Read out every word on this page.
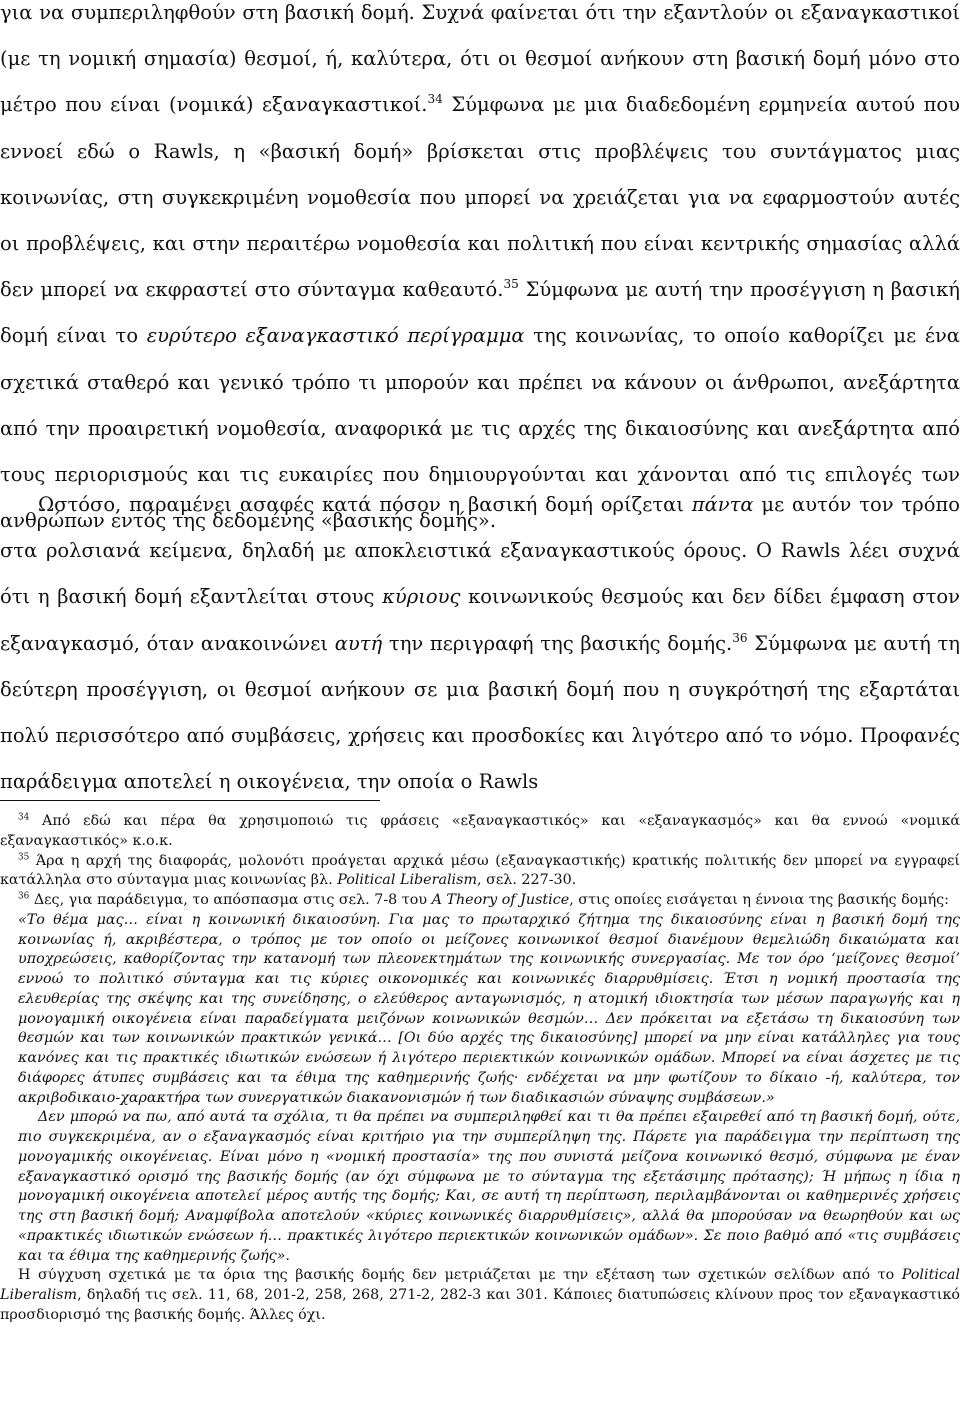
για να συμπεριληφθούν στη βασική δομή. Συχνά φαίνεται ότι την εξαντλούν οι εξαναγκαστικοί (με τη νομική σημασία) θεσμοί, ή, καλύτερα, ότι οι θεσμοί ανήκουν στη βασική δομή μόνο στο μέτρο που είναι (νομικά) εξαναγκαστικοί.$^{34}$ Σύμφωνα με μια διαδεδομένη ερμηνεία αυτού που εννοεί εδώ ο Rawls, η «βασική δομή» βρίσκεται στις προβλέψεις του συντάγματος μιας κοινωνίας, στη συγκεκριμένη νομοθεσία που μπορεί να χρειάζεται για να εφαρμοστούν αυτές οι προβλέψεις, και στην περαιτέρω νομοθεσία και πολιτική που είναι κεντρικής σημασίας αλλά δεν μπορεί να εκφραστεί στο σύνταγμα καθεαυτό.$^{35}$ Σύμφωνα με αυτή την προσέγγιση η βασική δομή είναι το ευρύτερο εξαναγκαστικό περίγραμμα της κοινωνίας, το οποίο καθορίζει με ένα σχετικά σταθερό και γενικό τρόπο τι μπορούν και πρέπει να κάνουν οι άνθρωποι, ανεξάρτητα από την προαιρετική νομοθεσία, αναφορικά με τις αρχές της δικαιοσύνης και ανεξάρτητα από τους περιορισμούς και τις ευκαιρίες που δημιουργούνται και χάνονται από τις επιλογές των ανθρώπων εντός της δεδομένης «βασικής δομής».

Ωστόσο, παραμένει ασαφές κατά πόσον η βασική δομή ορίζεται πάντα με αυτόν τον τρόπο στα ρολσιανά κείμενα, δηλαδή με αποκλειστικά εξαναγκαστικούς όρους. Ο Rawls λέει συχνά ότι η βασική δομή εξαντλείται στους κύριους κοινωνικούς θεσμούς και δεν δίδει έμφαση στον εξαναγκασμό, όταν ανακοινώνει αυτή την περιγραφή της βασικής δομής.$^{36}$ Σύμφωνα με αυτή τη δεύτερη προσέγγιση, οι θεσμοί ανήκουν σε μια βασική δομή που η συγκρότησή της εξαρτάται πολύ περισσότερο από συμβάσεις, χρήσεις και προσδοκίες και λιγότερο από το νόμο. Προφανές παράδειγμα αποτελεί η οικογένεια, την οποία ο Rawls

$^{34}$ Από εδώ και πέρα θα χρησιμοποιώ τις φράσεις «εξαναγκαστικός» και «εξαναγκασμός» και θα εννοώ «νομικά εξαναγκαστικός» κ.ο.κ.

$^{35}$ Άρα η αρχή της διαφοράς, μολονότι προάγεται αρχικά μέσω (εξαναγκαστικής) κρατικής πολιτικής δεν μπορεί να εγγραφεί κατάλληλα στο σύνταγμα μιας κοινωνίας βλ. Political Liberalism, σελ. 227-30.

$^{36}$ Δες, για παράδειγμα, το απόσπασμα στις σελ. 7-8 του A Theory of Justice, στις οποίες εισάγεται η έννοια της βασικής δομής:

«Το θέμα μας… είναι η κοινωνική δικαιοσύνη. Για μας το πρωταρχικό ζήτημα της δικαιοσύνης είναι η βασική δομή της κοινωνίας ή, ακριβέστερα, ο τρόπος με τον οποίο οι μείζονες κοινωνικοί θεσμοί διανέμουν θεμελιώδη δικαιώματα και υποχρεώσεις, καθορίζοντας την κατανομή των πλεονεκτημάτων της κοινωνικής συνεργασίας. Με τον όρο ‘μείζονες θεσμοί’ εννοώ το πολιτικό σύνταγμα και τις κύριες οικονομικές και κοινωνικές διαρρυθμίσεις. Έτσι η νομική προστασία της ελευθερίας της σκέψης και της συνείδησης, ο ελεύθερος ανταγωνισμός, η ατομική ιδιοκτησία των μέσων παραγωγής και η μονογαμική οικογένεια είναι παραδείγματα μειζόνων κοινωνικών θεσμών… Δεν πρόκειται να εξετάσω τη δικαιοσύνη των θεσμών και των κοινωνικών πρακτικών γενικά… [Οι δύο αρχές της δικαιοσύνης] μπορεί να μην είναι κατάλληλες για τους κανόνες και τις πρακτικές ιδιωτικών ενώσεων ή λιγότερο περιεκτικών κοινωνικών ομάδων. Μπορεί να είναι άσχετες με τις διάφορες άτυπες συμβάσεις και τα έθιμα της καθημερινής ζωής· ενδέχεται να μην φωτίζουν το δίκαιο -ή, καλύτερα, τον ακριβοδικαιο-χαρακτήρα των συνεργατικών διακανονισμών ή των διαδικασιών σύναψης συμβάσεων.»

Δεν μπορώ να πω, από αυτά τα σχόλια, τι θα πρέπει να συμπεριληφθεί και τι θα πρέπει εξαιρεθεί από τη βασική δομή, ούτε, πιο συγκεκριμένα, αν ο εξαναγκασμός είναι κριτήριο για την συμπερίληψη της. Πάρετε για παράδειγμα την περίπτωση της μονογαμικής οικογένειας. Είναι μόνο η «νομική προστασία» της που συνιστά μείζονα κοινωνικό θεσμό, σύμφωνα με έναν εξαναγκαστικό ορισμό της βασικής δομής (αν όχι σύμφωνα με το σύνταγμα της εξετάσιμης πρότασης); Ή μήπως η ίδια η μονογαμική οικογένεια αποτελεί μέρος αυτής της δομής; Και, σε αυτή τη περίπτωση, περιλαμβάνονται οι καθημερινές χρήσεις της στη βασική δομή; Αναμφίβολα αποτελούν «κύριες κοινωνικές διαρρυθμίσεις», αλλά θα μπορούσαν να θεωρηθούν και ως «πρακτικές ιδιωτικών ενώσεων ή… πρακτικές λιγότερο περιεκτικών κοινωνικών ομάδων». Σε ποιο βαθμό από «τις συμβάσεις και τα έθιμα της καθημερινής ζωής».

Η σύγχυση σχετικά με τα όρια της βασικής δομής δεν μετριάζεται με την εξέταση των σχετικών σελίδων από το Political Liberalism, δηλαδή τις σελ. 11, 68, 201-2, 258, 268, 271-2, 282-3 και 301. Κάποιες διατυπώσεις κλίνουν προς τον εξαναγκαστικό προσδιορισμό της βασικής δομής. Άλλες όχι.
